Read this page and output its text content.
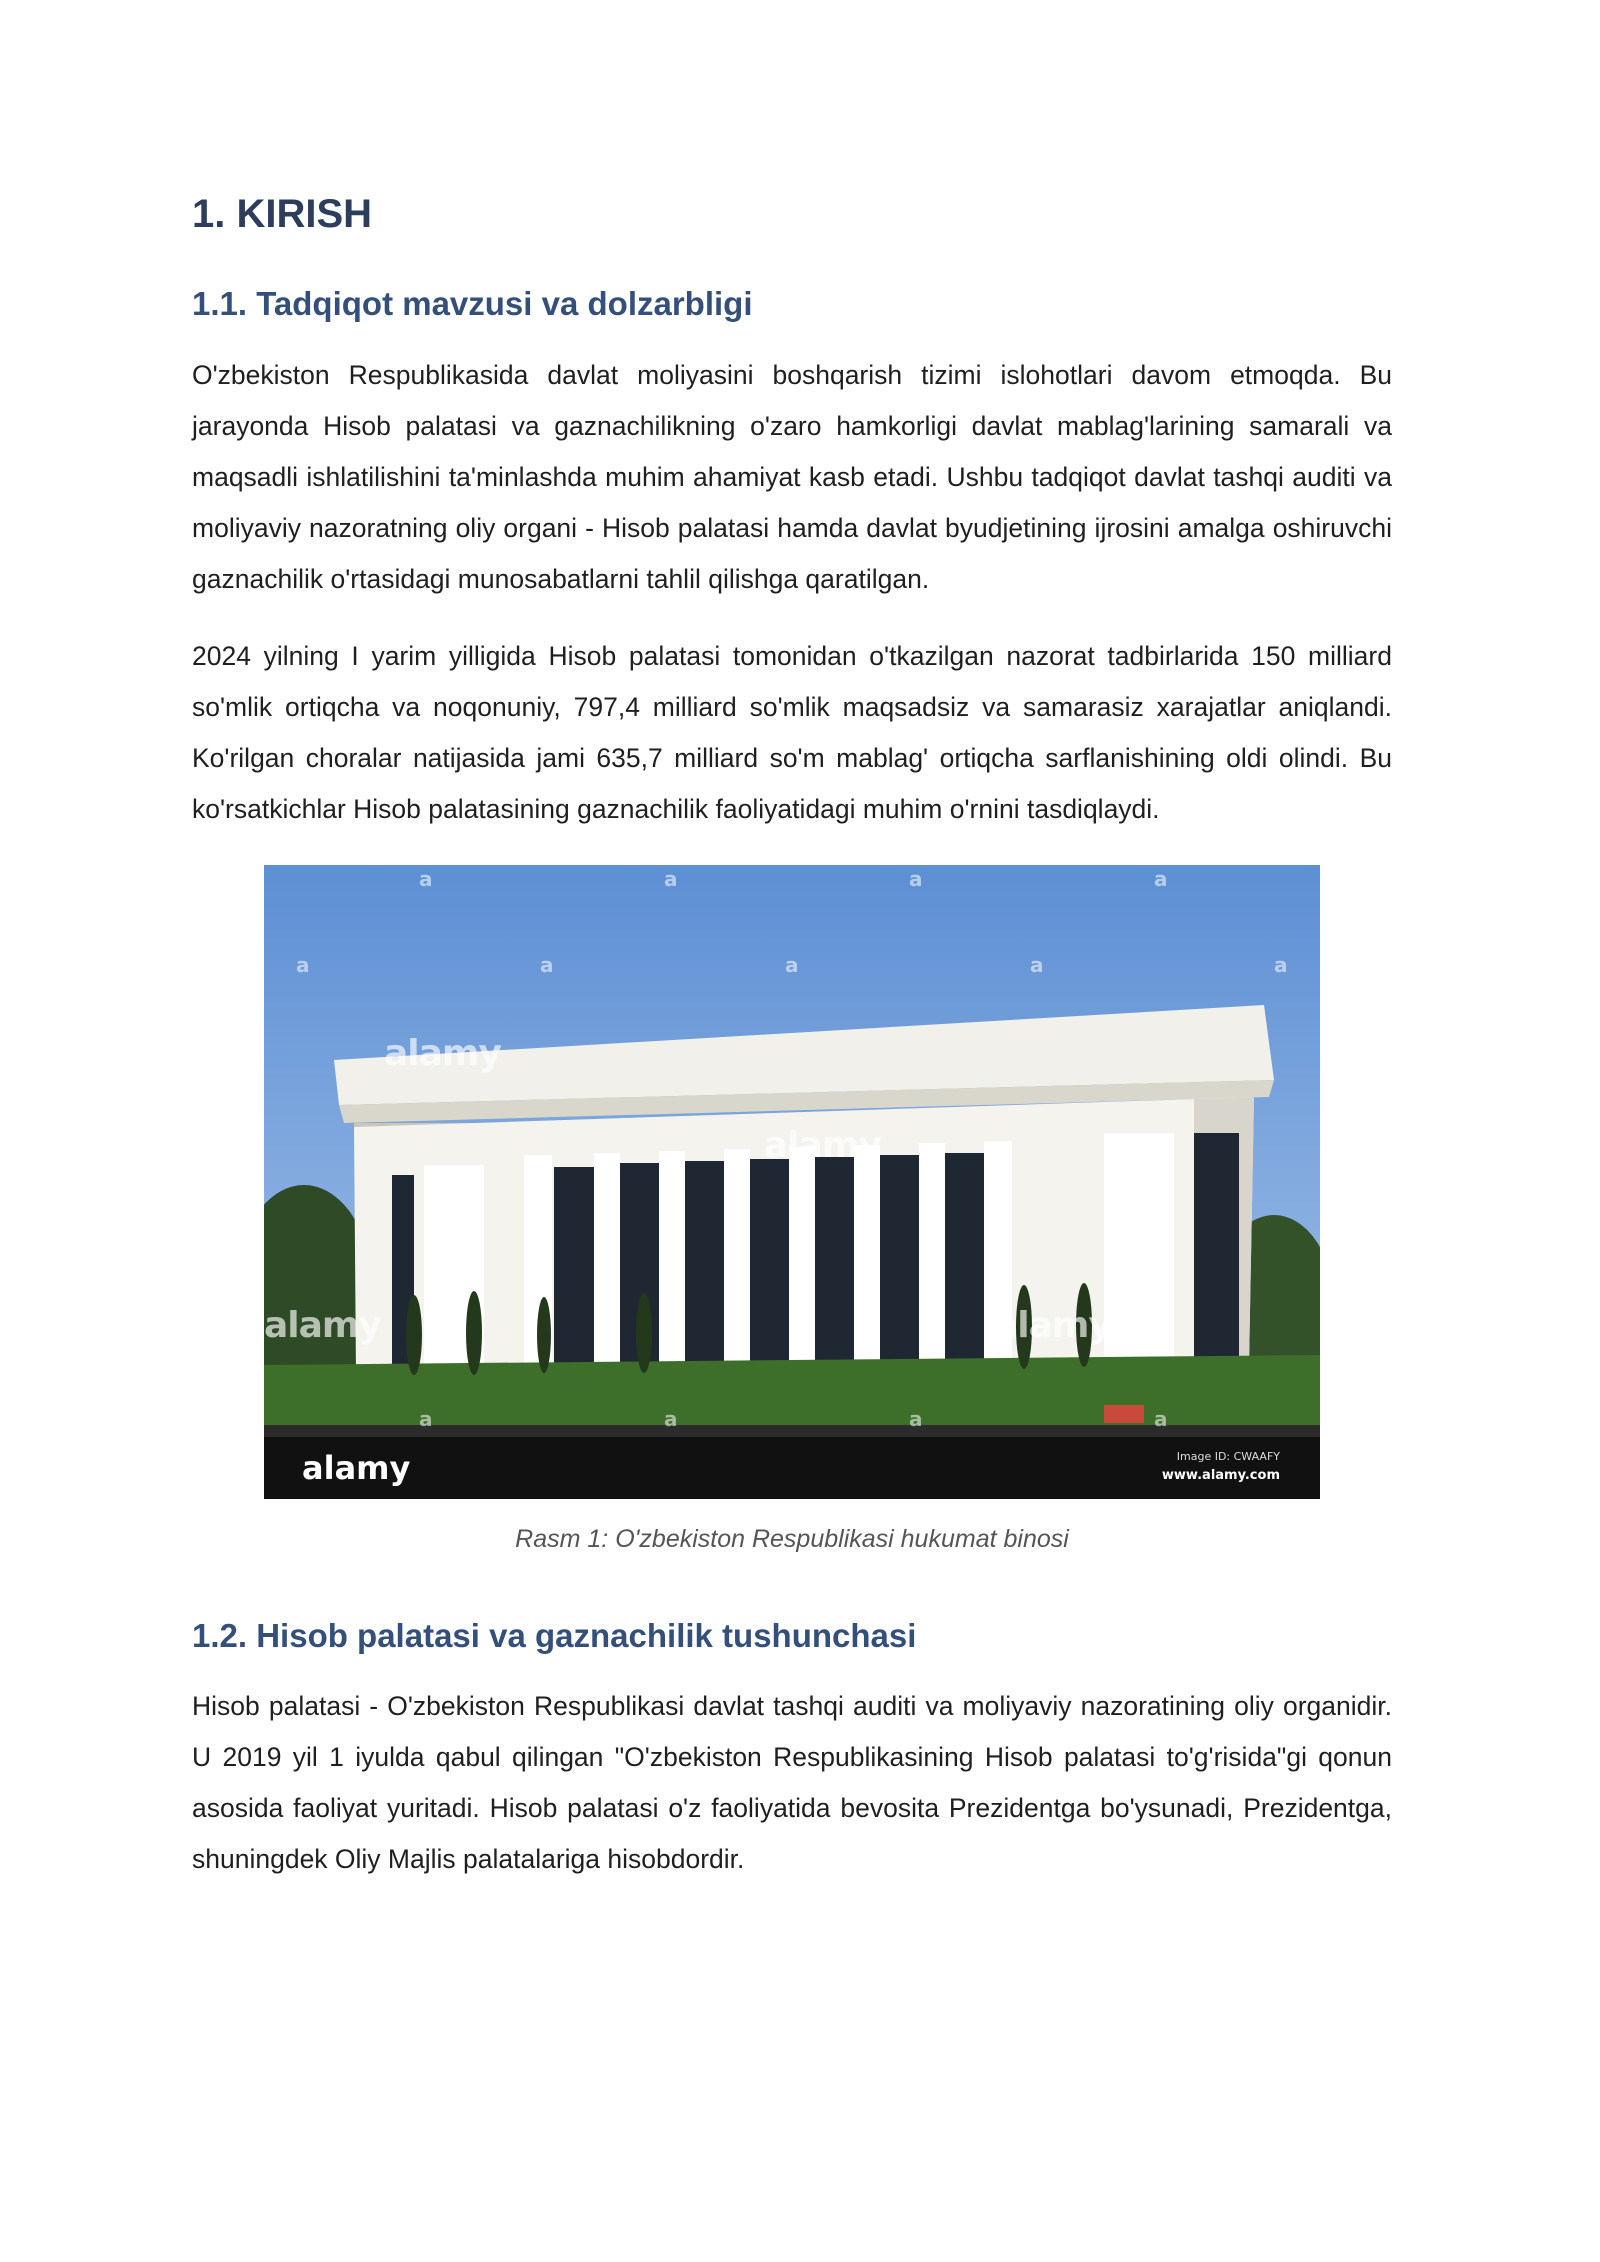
1. KIRISH
1.1. Tadqiqot mavzusi va dolzarbligi

O'zbekiston Respublikasida davlat moliyasini boshqarish tizimi islohotlari davom etmoqda. Bu jarayonda Hisob palatasi va gaznachilikning o'zaro hamkorligi davlat mablag'larining samarali va maqsadli ishlatilishini ta'minlashda muhim ahamiyat kasb etadi. Ushbu tadqiqot davlat tashqi auditi va moliyaviy nazoratning oliy organi - Hisob palatasi hamda davlat byudjetining ijrosini amalga oshiruvchi gaznachilik o'rtasidagi munosabatlarni tahlil qilishga qaratilgan.

2024 yilning I yarim yilligida Hisob palatasi tomonidan o'tkazilgan nazorat tadbirlarida 150 milliard so'mlik ortiqcha va noqonuniy, 797,4 milliard so'mlik maqsadsiz va samarasiz xarajatlar aniqlandi. Ko'rilgan choralar natijasida jami 635,7 milliard so'm mablag' ortiqcha sarflanishining oldi olindi. Bu ko'rsatkichlar Hisob palatasining gaznachilik faoliyatidagi muhim o'rnini tasdiqlaydi.

a	a	a	a
a	a	a	a	a
alamy
alamy
alamy	alamy
a	a	a	a
alamy	Image ID: CWAAFY
www.alamy.com
Rasm 1: O'zbekiston Respublikasi hukumat binosi
1.2. Hisob palatasi va gaznachilik tushunchasi

Hisob palatasi - O'zbekiston Respublikasi davlat tashqi auditi va moliyaviy nazoratining oliy organidir. U 2019 yil 1 iyulda qabul qilingan "O'zbekiston Respublikasining Hisob palatasi to'g'risida"gi qonun asosida faoliyat yuritadi. Hisob palatasi o'z faoliyatida bevosita Prezidentga bo'ysunadi, Prezidentga, shuningdek Oliy Majlis palatalariga hisobdordir.
